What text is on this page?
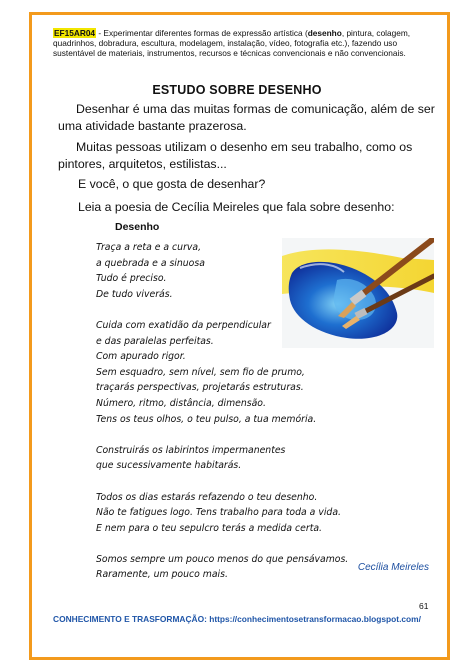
EF15AR04 - Experimentar diferentes formas de expressão artística (desenho, pintura, colagem, quadrinhos, dobradura, escultura, modelagem, instalação, vídeo, fotografia etc.), fazendo uso sustentável de materiais, instrumentos, recursos e técnicas convencionais e não convencionais.
ESTUDO SOBRE DESENHO

Desenhar é uma das muitas formas de comunicação, além de ser uma atividade bastante prazerosa.

Muitas pessoas utilizam o desenho em seu trabalho, como os pintores, arquitetos, estilistas...

E você, o que gosta de desenhar?

Leia a poesia de Cecília Meireles que fala sobre desenho:

Desenho
Traça a reta e a curva,
a quebrada e a sinuosa
Tudo é preciso.
De tudo viverás.
Cuida com exatidão da perpendicular
e das paralelas perfeitas.
Com apurado rigor.
Sem esquadro, sem nível, sem fio de prumo,
traçarás perspectivas, projetarás estruturas.
Número, ritmo, distância, dimensão.
Tens os teus olhos, o teu pulso, a tua memória.
Construirás os labirintos impermanentes
que sucessivamente habitarás.
Todos os dias estarás refazendo o teu desenho.
Não te fatigues logo. Tens trabalho para toda a vida.
E nem para o teu sepulcro terás a medida certa.
Somos sempre um pouco menos do que pensávamos.
Raramente, um pouco mais.
Cecília Meireles
61
CONHECIMENTO E TRASFORMAÇÃO: https://conhecimentosetransformacao.blogspot.com/
